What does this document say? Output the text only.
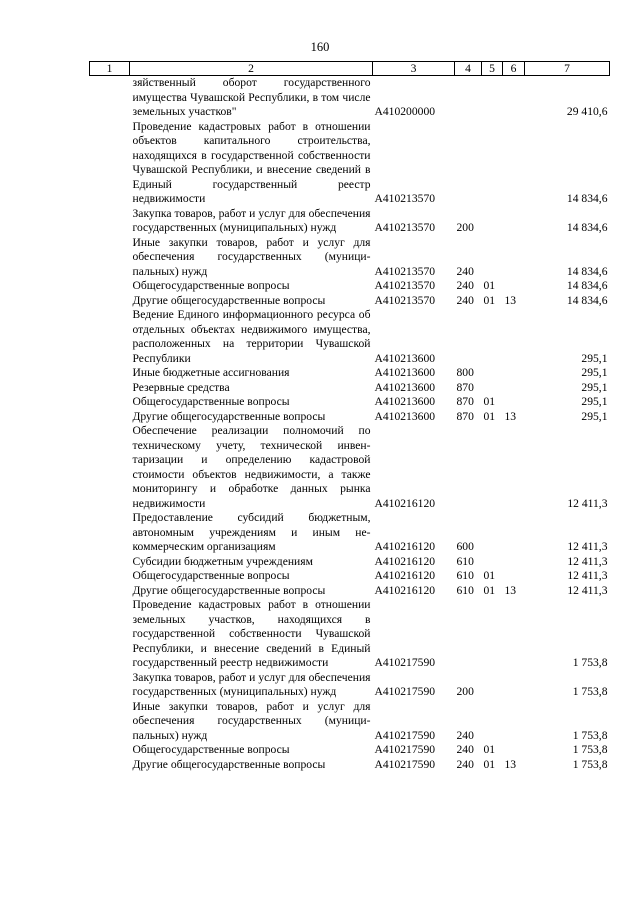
160
1	2	3	4	5	6	7
	зяйственный оборот государственного имущества Чувашской Республики, в том числе земельных участков"	А410200000				29 410,6
	Проведение кадастровых работ в отношении объектов капитального строительства, находящихся в государственной собственности Чувашской Республики, и внесение сведений в Единый государственный реестр недвижимости	А410213570				14 834,6
	Закупка товаров, работ и услуг для обеспечения государственных (муниципальных) нужд	А410213570	200			14 834,6
	Иные закупки товаров, работ и услуг для обеспечения государственных (муниципальных) нужд	А410213570	240			14 834,6
	Общегосударственные вопросы	А410213570	240	01		14 834,6
	Другие общегосударственные вопросы	А410213570	240	01	13	14 834,6
	Ведение Единого информационного ресурса об отдельных объектах недвижимого имущества, расположенных на территории Чувашской Республики	А410213600				295,1
	Иные бюджетные ассигнования	А410213600	800			295,1
	Резервные средства	А410213600	870			295,1
	Общегосударственные вопросы	А410213600	870	01		295,1
	Другие общегосударственные вопросы	А410213600	870	01	13	295,1
	Обеспечение реализации полномочий по техническому учету, технической инвентаризации и определению кадастровой стоимости объектов недвижимости, а также мониторингу и обработке данных рынка недвижимости	А410216120				12 411,3
	Предоставление субсидий бюджетным, автономным учреждениям и иным некоммерческим организациям	А410216120	600			12 411,3
	Субсидии бюджетным учреждениям	А410216120	610			12 411,3
	Общегосударственные вопросы	А410216120	610	01		12 411,3
	Другие общегосударственные вопросы	А410216120	610	01	13	12 411,3
	Проведение кадастровых работ в отношении земельных участков, находящихся в государственной собственности Чувашской Республики, и внесение сведений в Единый государственный реестр недвижимости	А410217590				1 753,8
	Закупка товаров, работ и услуг для обеспечения государственных (муниципальных) нужд	А410217590	200			1 753,8
	Иные закупки товаров, работ и услуг для обеспечения государственных (муниципальных) нужд	А410217590	240			1 753,8
	Общегосударственные вопросы	А410217590	240	01		1 753,8
	Другие общегосударственные вопросы	А410217590	240	01	13	1 753,8
